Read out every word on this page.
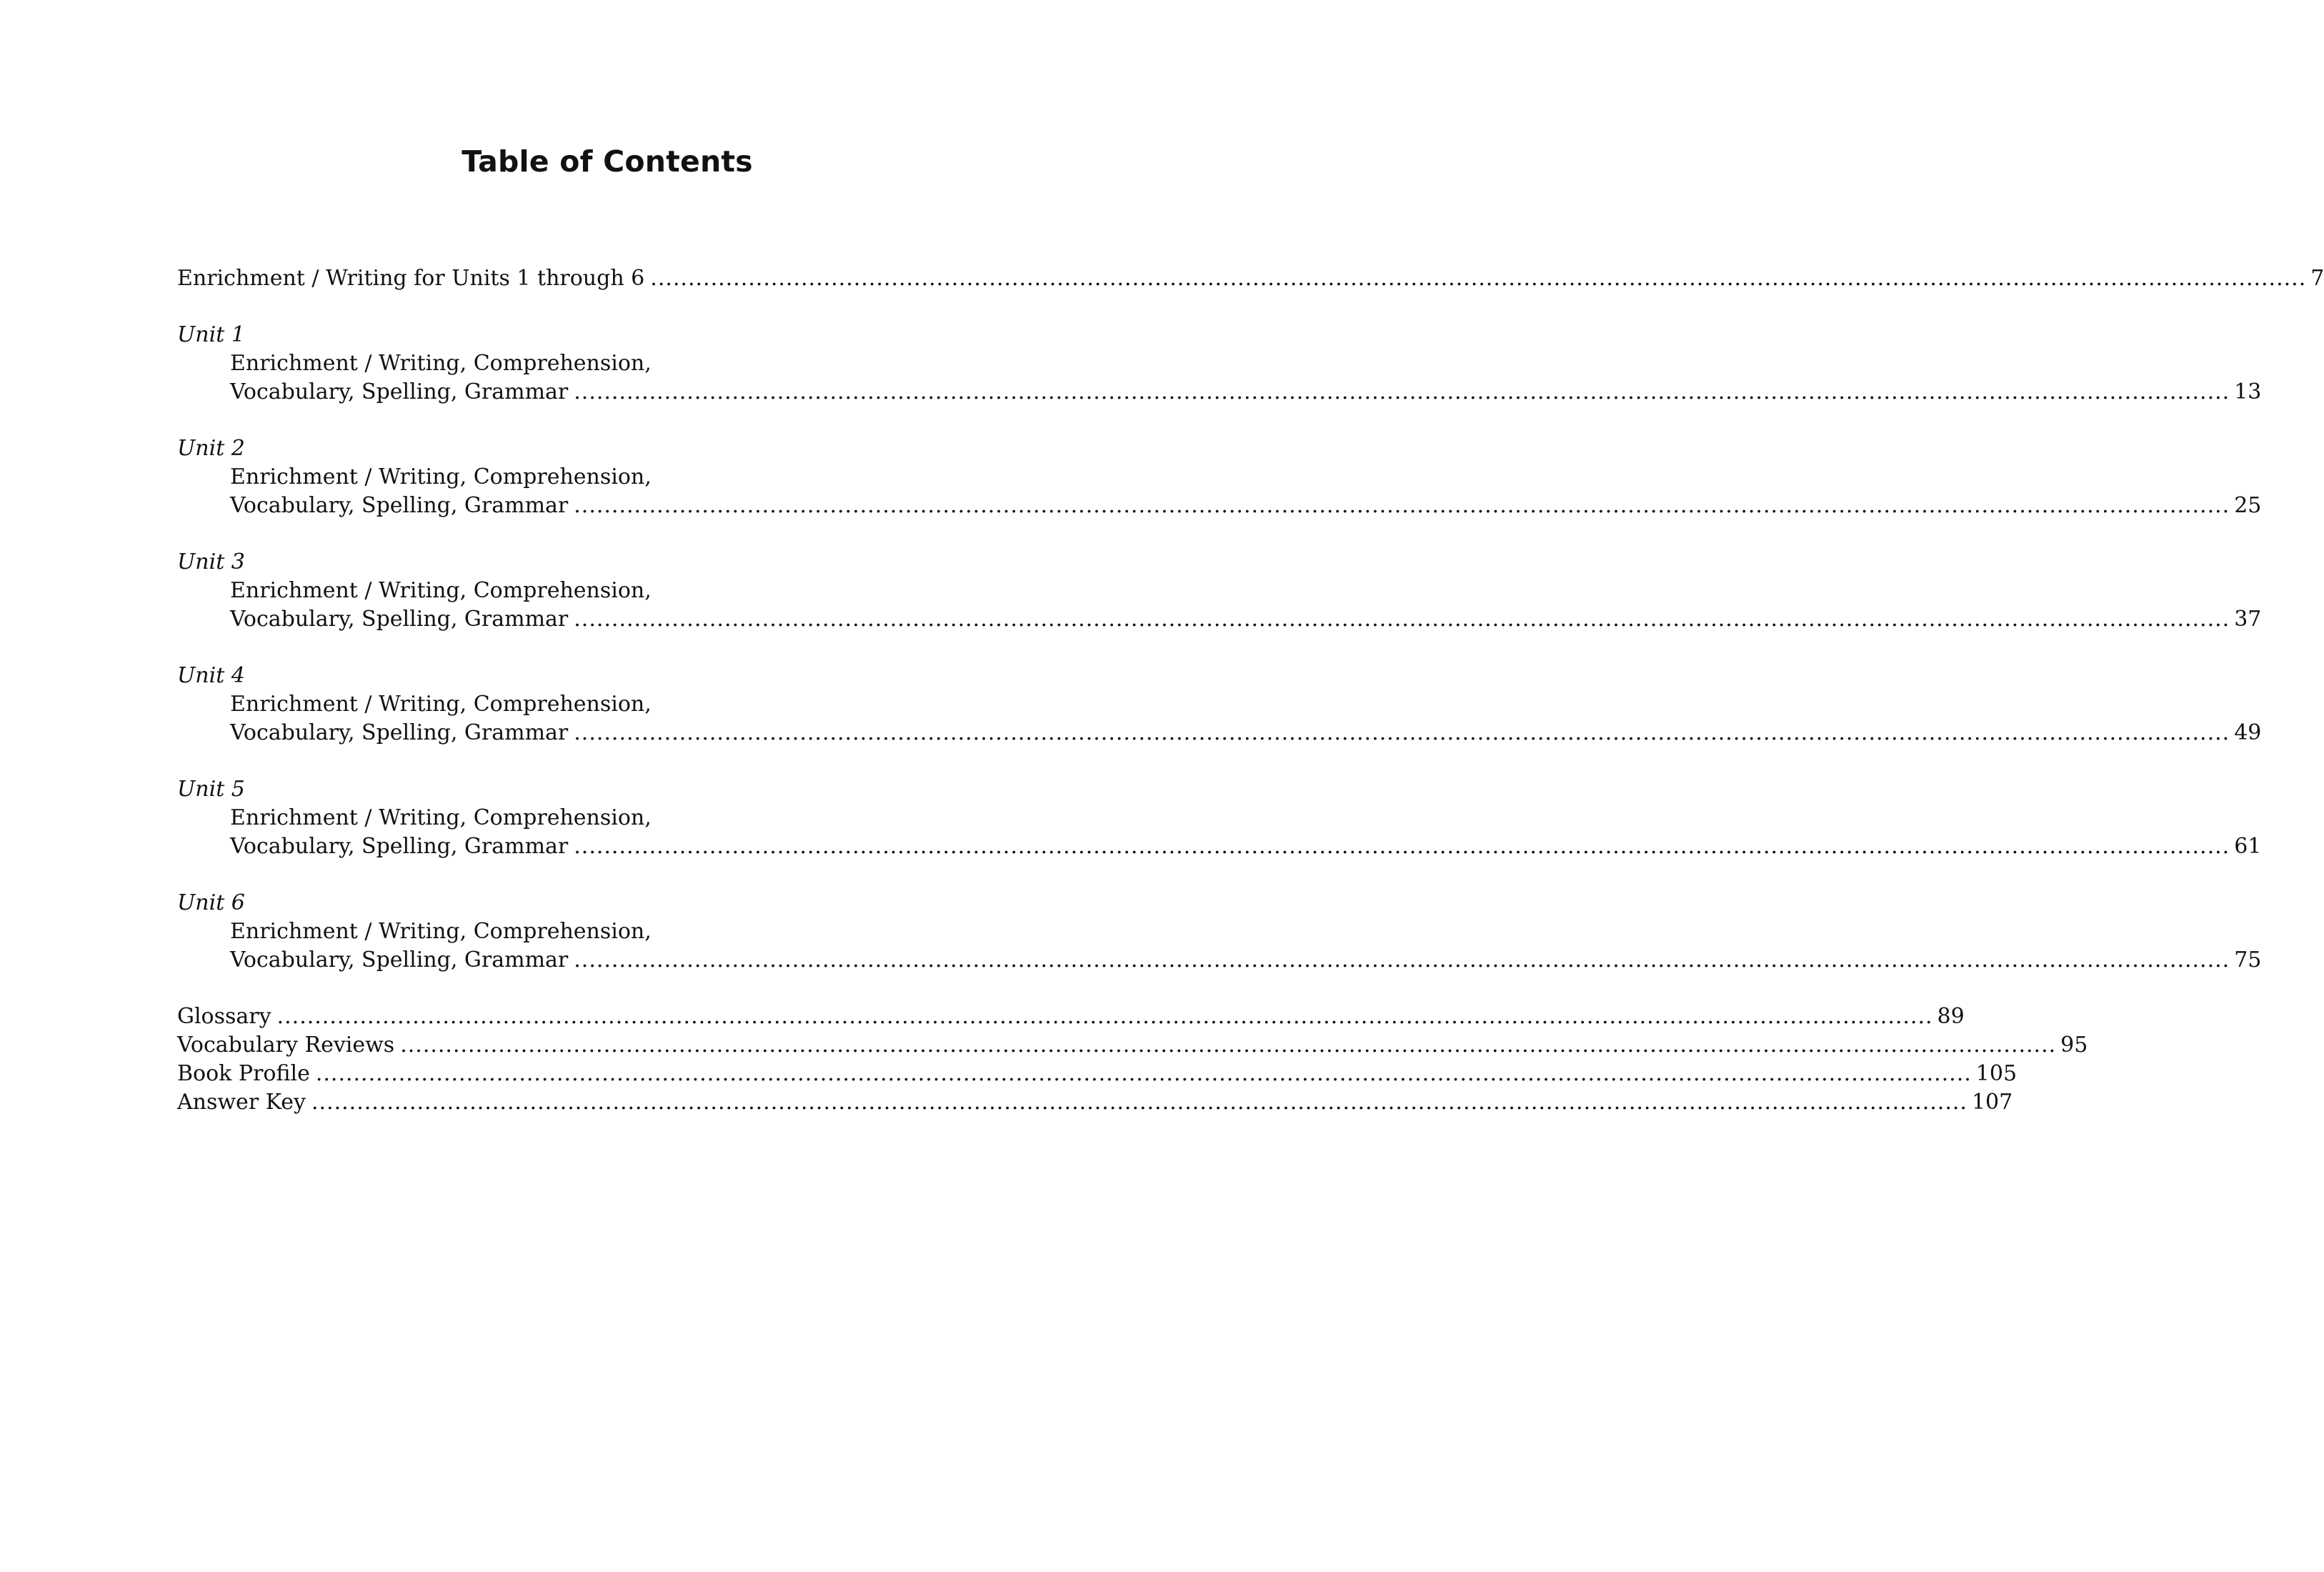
Table of Contents
Enrichment / Writing for Units 1 through 6 ............................................................................................................................................................................................................................ 7
Unit 1
Enrichment / Writing, Comprehension,
Vocabulary, Spelling, Grammar ............................................................................................................................................................................................................................ 13
Unit 2
Enrichment / Writing, Comprehension,
Vocabulary, Spelling, Grammar ............................................................................................................................................................................................................................ 25
Unit 3
Enrichment / Writing, Comprehension,
Vocabulary, Spelling, Grammar ............................................................................................................................................................................................................................ 37
Unit 4
Enrichment / Writing, Comprehension,
Vocabulary, Spelling, Grammar ............................................................................................................................................................................................................................ 49
Unit 5
Enrichment / Writing, Comprehension,
Vocabulary, Spelling, Grammar ............................................................................................................................................................................................................................ 61
Unit 6
Enrichment / Writing, Comprehension,
Vocabulary, Spelling, Grammar ............................................................................................................................................................................................................................ 75
Glossary ............................................................................................................................................................................................................................ 89
Vocabulary Reviews ............................................................................................................................................................................................................................ 95
Book Profile ............................................................................................................................................................................................................................ 105
Answer Key ............................................................................................................................................................................................................................ 107
